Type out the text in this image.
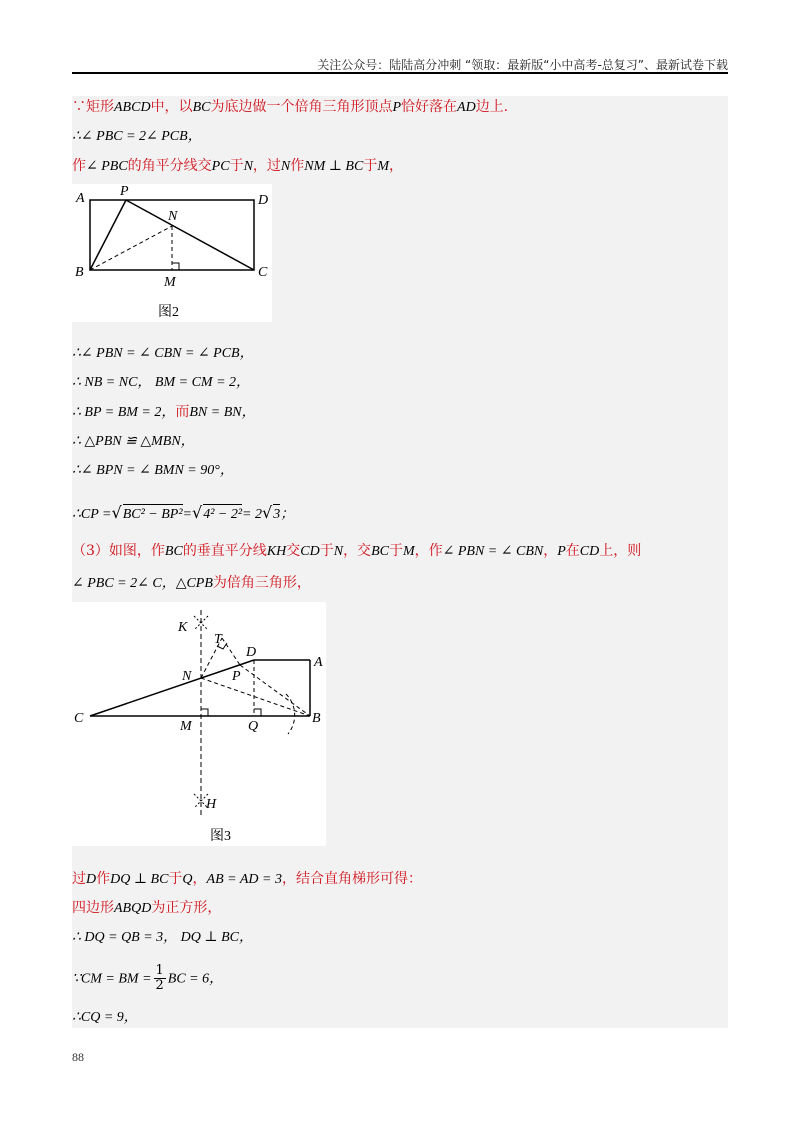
关注公众号：陆陆高分冲刺 “领取：最新版“小中高考-总复习”、最新试卷下载
∵矩形ABCD中，以BC为底边做一个倍角三角形顶点P恰好落在AD边上.
∴∠ PBC = 2∠ PCB，
作∠ PBC的角平分线交PC于N，过N作NM ⊥ BC于M，
A	P
D
N
B
M
C
图2
∴∠ PBN = ∠ CBN = ∠ PCB，
∴ NB = NC， BM = CM = 2，
∴ BP = BM = 2，而BN = BN，
∴ △PBN ≌ △MBN，
∴∠ BPN = ∠ BMN = 90°，
∴CP =√BC² − BP²=√4² − 2²= 2√3；
（3）如图，作BC的垂直平分线KH交CD于N，交BC于M，作∠ PBN = ∠ CBN，P在CD上，则
∠ PBC = 2∠ C，△CPB为倍角三角形，
K
T
D
A
N	P
C
M	Q
B
H
图3
过D作DQ ⊥ BC于Q，AB = AD = 3，结合直角梯形可得：
四边形ABQD为正方形，
∴ DQ = QB = 3， DQ ⊥ BC，
∵CM = BM = $\frac{1}{2}$ BC = 6，
∴CQ = 9，
88
